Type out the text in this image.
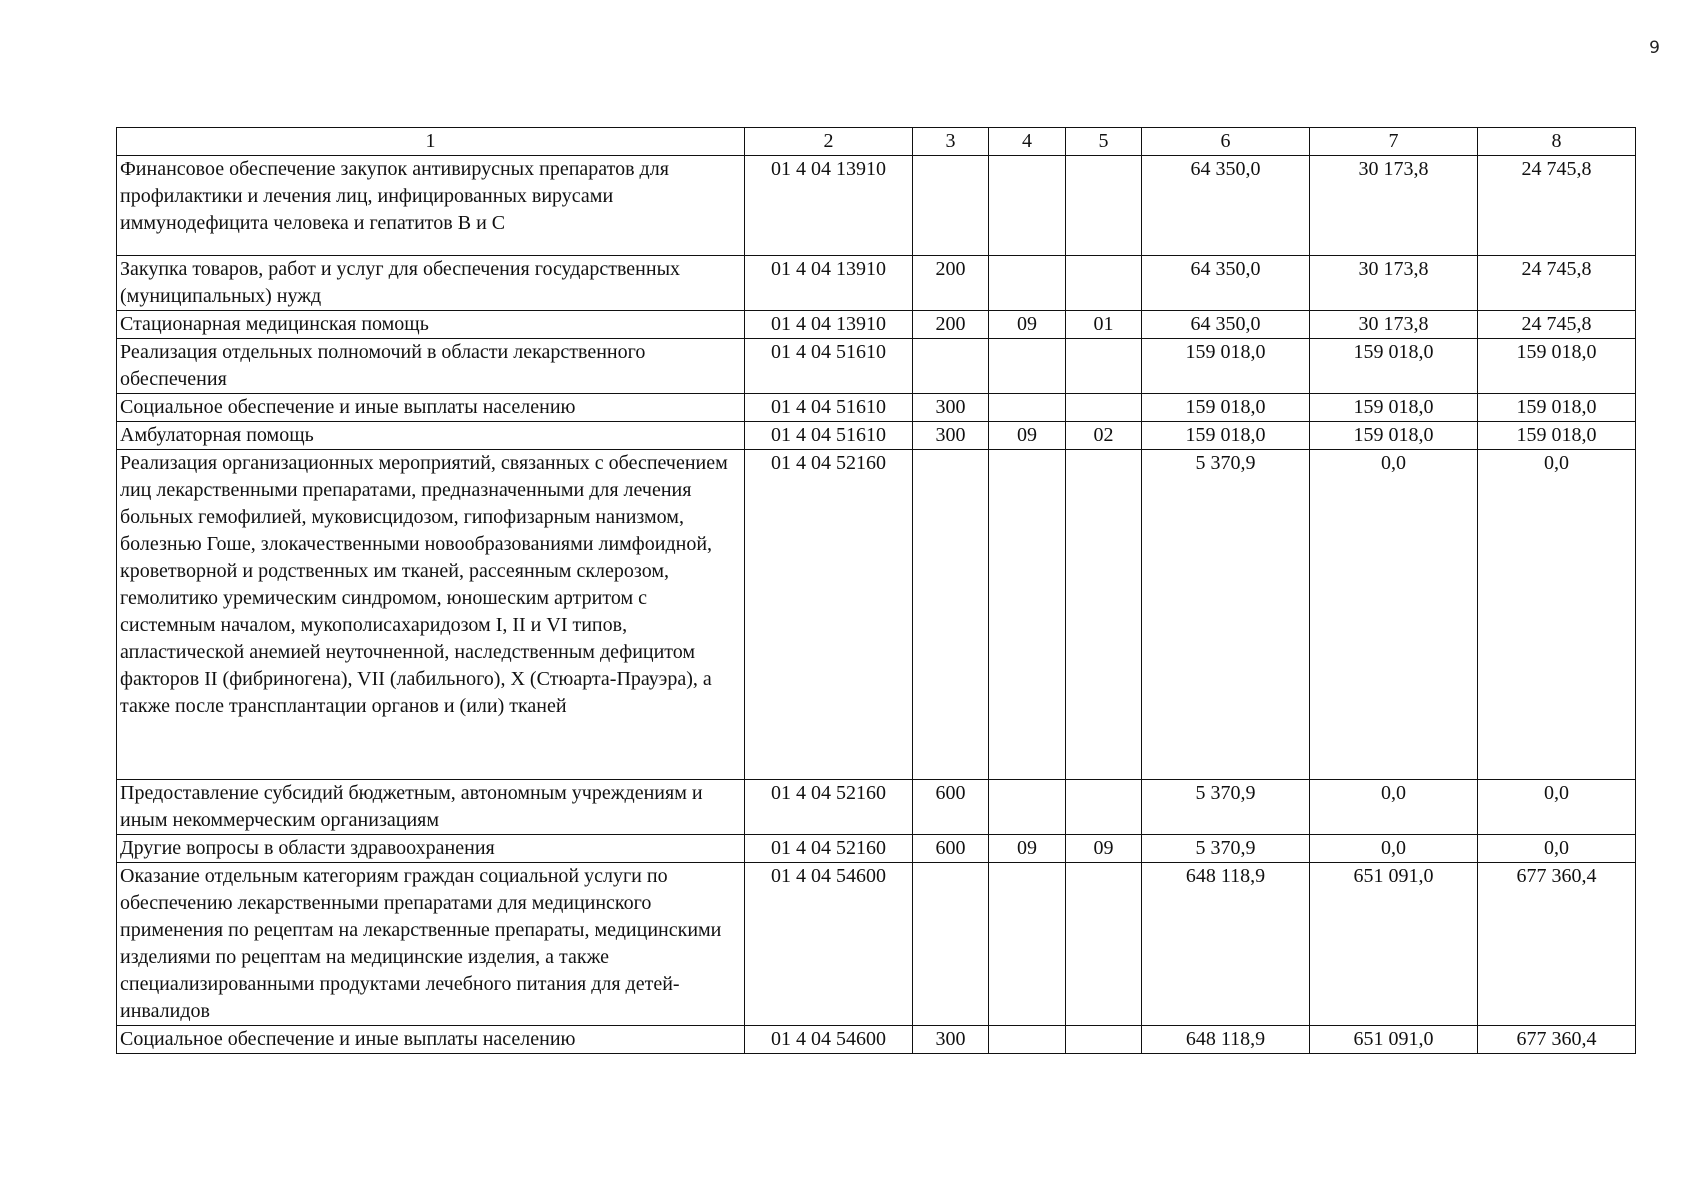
9
1	2	3	4	5	6	7	8
Финансовое обеспечение закупок антивирусных препаратов для профилактики и лечения лиц, инфицированных вирусами иммунодефицита человека и гепатитов В и С	01 4 04 13910				64 350,0	30 173,8	24 745,8
Закупка товаров, работ и услуг для обеспечения государственных (муниципальных) нужд	01 4 04 13910	200			64 350,0	30 173,8	24 745,8
Стационарная медицинская помощь	01 4 04 13910	200	09	01	64 350,0	30 173,8	24 745,8
Реализация отдельных полномочий в области лекарственного обеспечения	01 4 04 51610				159 018,0	159 018,0	159 018,0
Социальное обеспечение и иные выплаты населению	01 4 04 51610	300			159 018,0	159 018,0	159 018,0
Амбулаторная помощь	01 4 04 51610	300	09	02	159 018,0	159 018,0	159 018,0
Реализация организационных мероприятий, связанных с обеспечением лиц лекарственными препаратами, предназначенными для лечения больных гемофилией, муковисцидозом, гипофизарным нанизмом, болезнью Гоше, злокачественными новообразованиями лимфоидной, кроветворной и родственных им тканей, рассеянным склерозом, гемолитико уремическим синдромом, юношеским артритом с системным началом, мукополисахаридозом I, II и VI типов, апластической анемией неуточненной, наследственным дефицитом факторов II (фибриногена), VII (лабильного), X (Стюарта-Прауэра), а также после трансплантации органов и (или) тканей	01 4 04 52160				5 370,9	0,0	0,0
Предоставление субсидий бюджетным, автономным учреждениям и иным некоммерческим организациям	01 4 04 52160	600			5 370,9	0,0	0,0
Другие вопросы в области здравоохранения	01 4 04 52160	600	09	09	5 370,9	0,0	0,0
Оказание отдельным категориям граждан социальной услуги по обеспечению лекарственными препаратами для медицинского применения по рецептам на лекарственные препараты, медицинскими изделиями по рецептам на медицинские изделия, а также специализированными продуктами лечебного питания для детей-инвалидов	01 4 04 54600				648 118,9	651 091,0	677 360,4
Социальное обеспечение и иные выплаты населению	01 4 04 54600	300			648 118,9	651 091,0	677 360,4
